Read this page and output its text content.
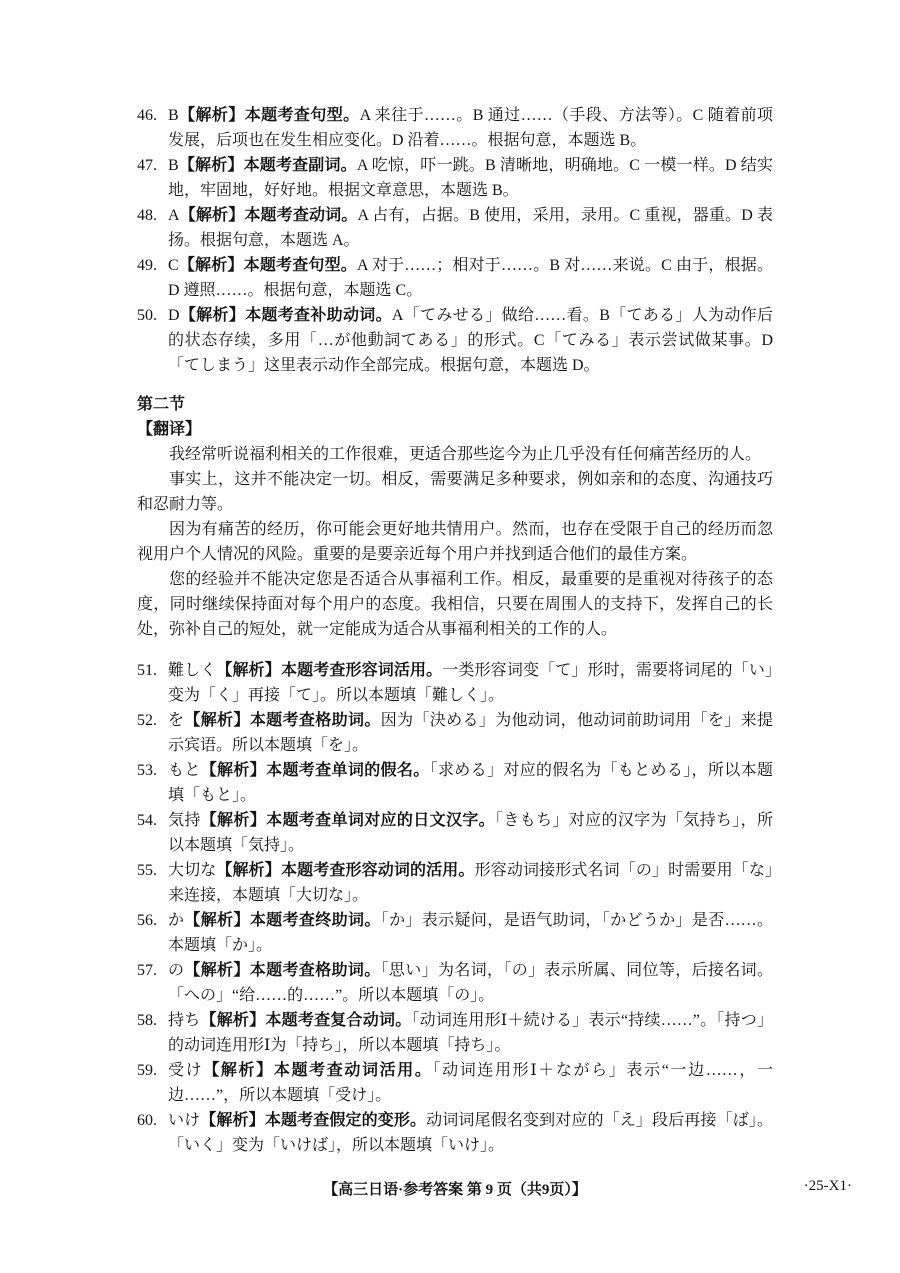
46. B【解析】本题考查句型。A 来往于……。B 通过……（手段、方法等）。C 随着前项发展，后项也在发生相应变化。D 沿着……。根据句意，本题选 B。
47. B【解析】本题考查副词。A 吃惊，吓一跳。B 清晰地，明确地。C 一模一样。D 结实地，牢固地，好好地。根据文章意思，本题选 B。
48. A【解析】本题考查动词。A 占有，占据。B 使用，采用，录用。C 重视，器重。D 表扬。根据句意，本题选 A。
49. C【解析】本题考查句型。A 对于……；相对于……。B 对……来说。C 由于，根据。D 遵照……。根据句意，本题选 C。
50. D【解析】本题考查补助动词。A「てみせる」做给……看。B「てある」人为动作后的状态存续，多用「…が他動詞てある」的形式。C「てみる」表示尝试做某事。D「てしまう」这里表示动作全部完成。根据句意，本题选 D。
第二节
【翻译】
我经常听说福利相关的工作很难，更适合那些迄今为止几乎没有任何痛苦经历的人。
事实上，这并不能决定一切。相反，需要满足多种要求，例如亲和的态度、沟通技巧和忍耐力等。
因为有痛苦的经历，你可能会更好地共情用户。然而，也存在受限于自己的经历而忽视用户个人情况的风险。重要的是要亲近每个用户并找到适合他们的最佳方案。
您的经验并不能决定您是否适合从事福利工作。相反，最重要的是重视对待孩子的态度，同时继续保持面对每个用户的态度。我相信，只要在周围人的支持下，发挥自己的长处，弥补自己的短处，就一定能成为适合从事福利相关的工作的人。
51. 難しく【解析】本题考查形容词活用。一类形容词变「て」形时，需要将词尾的「い」变为「く」再接「て」。所以本题填「難しく」。
52. を【解析】本题考查格助词。因为「決める」为他动词，他动词前助词用「を」来提示宾语。所以本题填「を」。
53. もと【解析】本题考查单词的假名。「求める」对应的假名为「もとめる」，所以本题填「もと」。
54. 気持【解析】本题考查单词对应的日文汉字。「きもち」对应的汉字为「気持ち」，所以本题填「気持」。
55. 大切な【解析】本题考查形容动词的活用。形容动词接形式名词「の」时需要用「な」来连接，本题填「大切な」。
56. か【解析】本题考查终助词。「か」表示疑问，是语气助词，「かどうか」是否……。本题填「か」。
57. の【解析】本题考查格助词。「思い」为名词，「の」表示所属、同位等，后接名词。「への」“给……的……”。所以本题填「の」。
58. 持ち【解析】本题考查复合动词。「动词连用形Ⅰ＋続ける」表示“持续……”。「持つ」的动词连用形Ⅰ为「持ち」，所以本题填「持ち」。
59. 受け【解析】本题考查动词活用。「动词连用形Ⅰ＋ながら」表示“一边……，一边……”，所以本题填「受け」。
60. いけ【解析】本题考查假定的变形。动词词尾假名变到对应的「え」段后再接「ば」。「いく」变为「いけば」，所以本题填「いけ」。
【高三日语·参考答案 第 9 页（共9页）】	·25-X1·
